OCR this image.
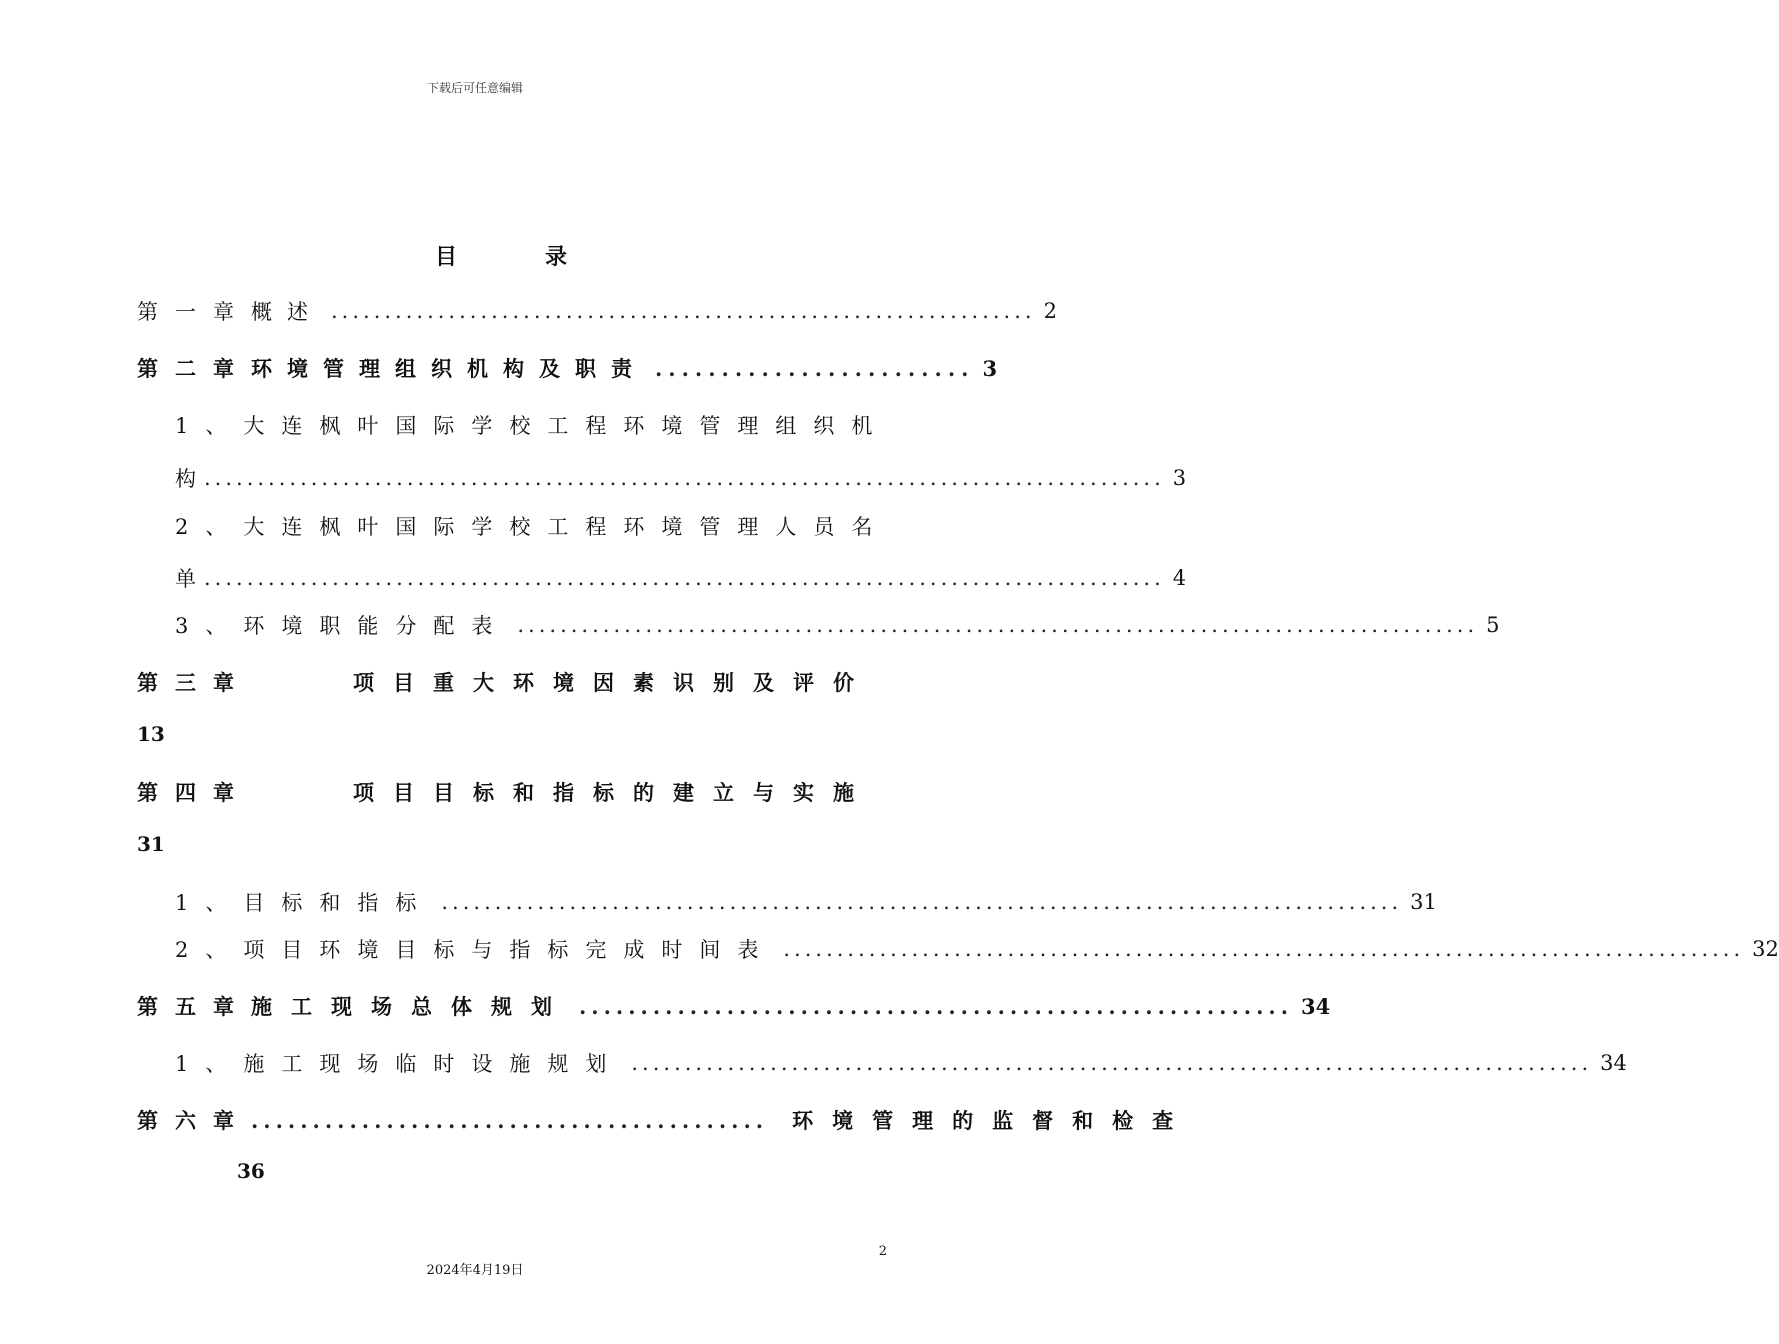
下载后可任意编辑
目	录
第一章 概述 .................................................................. 2
第二章 环境管理组织机构及职责 ........................ 3
1、大连枫叶国际学校工程环境管理组织机
构 .......................................................................................... 3
2、大连枫叶国际学校工程环境管理人员名
单 .......................................................................................... 4
3、环境职能分配表 .......................................................................................... 5
第三章	项目重大环境因素识别及评价
13
第四章	项目目标和指标的建立与实施
31
1、目标和指标 .......................................................................................... 31
2、项目环境目标与指标完成时间表 .......................................................................................... 32
第五章 施工现场总体规划 .......................................................... 34
1、施工现场临时设施规划 .......................................................................................... 34
第六章 .......................................... 环境管理的监督和检查
36
2
2024年4月19日
